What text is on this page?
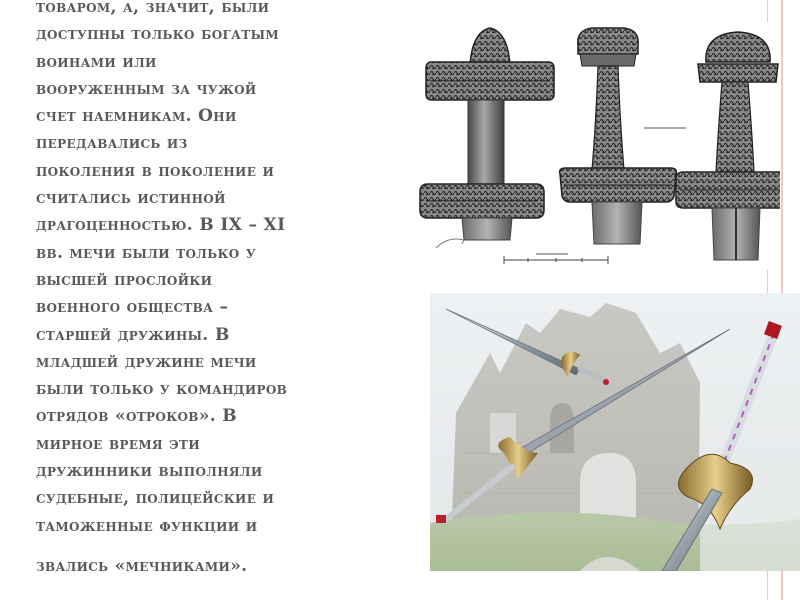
товаром, а, значит, были
доступны только богатым
воинами или
вооруженным за чужой
счет наемникам. Они
передавались из
поколения в поколение и
считались истинной
драгоценностью. В IX – XI
вв. мечи были только у
высшей прослойки
военного общества –
старшей дружины. В
младшей дружине мечи
были только у командиров
отрядов «отроков». В
мирное время эти
дружинники выполняли
судебные, полицейские и
таможенные функции и
звались «мечниками».
